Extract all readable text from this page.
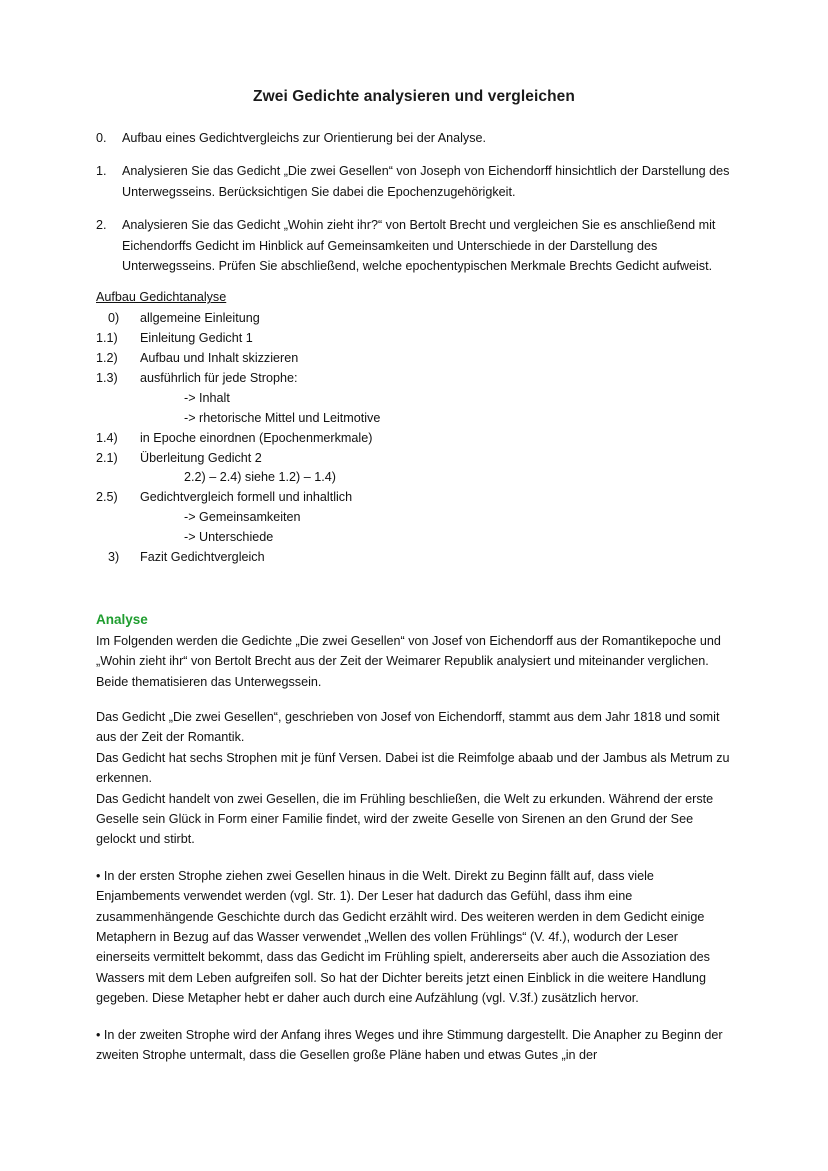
Zwei Gedichte analysieren und vergleichen
0.	Aufbau eines Gedichtvergleichs zur Orientierung bei der Analyse.
1.	Analysieren Sie das Gedicht „Die zwei Gesellen“ von Joseph von Eichendorff hinsichtlich der Darstellung des Unterwegsseins. Berücksichtigen Sie dabei die Epochenzugehörigkeit.
2.	Analysieren Sie das Gedicht „Wohin zieht ihr?“ von Bertolt Brecht und vergleichen Sie es anschließend mit Eichendorffs Gedicht im Hinblick auf Gemeinsamkeiten und Unterschiede in der Darstellung des Unterwegsseins. Prüfen Sie abschließend, welche epochentypischen Merkmale Brechts Gedicht aufweist.
Aufbau Gedichtanalyse
0)	allgemeine Einleitung
1.1)	Einleitung Gedicht 1
1.2)	Aufbau und Inhalt skizzieren
1.3)	ausführlich für jede Strophe:
-> Inhalt
-> rhetorische Mittel und Leitmotive
1.4)	in Epoche einordnen (Epochenmerkmale)
2.1)	Überleitung Gedicht 2
2.2) – 2.4) siehe 1.2) – 1.4)
2.5)	Gedichtvergleich formell und inhaltlich
-> Gemeinsamkeiten
-> Unterschiede
3)	Fazit Gedichtvergleich
Analyse

Im Folgenden werden die Gedichte „Die zwei Gesellen“ von Josef von Eichendorff aus der Romantikepoche und „Wohin zieht ihr“ von Bertolt Brecht aus der Zeit der Weimarer Republik analysiert und miteinander verglichen. Beide thematisieren das Unterwegssein.

Das Gedicht „Die zwei Gesellen“, geschrieben von Josef von Eichendorff, stammt aus dem Jahr 1818 und somit aus der Zeit der Romantik.

Das Gedicht hat sechs Strophen mit je fünf Versen. Dabei ist die Reimfolge abaab und der Jambus als Metrum zu erkennen.

Das Gedicht handelt von zwei Gesellen, die im Frühling beschließen, die Welt zu erkunden. Während der erste Geselle sein Glück in Form einer Familie findet, wird der zweite Geselle von Sirenen an den Grund der See gelockt und stirbt.

• In der ersten Strophe ziehen zwei Gesellen hinaus in die Welt. Direkt zu Beginn fällt auf, dass viele Enjambements verwendet werden (vgl. Str. 1). Der Leser hat dadurch das Gefühl, dass ihm eine zusammenhängende Geschichte durch das Gedicht erzählt wird. Des weiteren werden in dem Gedicht einige Metaphern in Bezug auf das Wasser verwendet „Wellen des vollen Frühlings“ (V. 4f.), wodurch der Leser einerseits vermittelt bekommt, dass das Gedicht im Frühling spielt, andererseits aber auch die Assoziation des Wassers mit dem Leben aufgreifen soll. So hat der Dichter bereits jetzt einen Einblick in die weitere Handlung gegeben. Diese Metapher hebt er daher auch durch eine Aufzählung (vgl. V.3f.) zusätzlich hervor.

• In der zweiten Strophe wird der Anfang ihres Weges und ihre Stimmung dargestellt. Die Anapher zu Beginn der zweiten Strophe untermalt, dass die Gesellen große Pläne haben und etwas Gutes „in der
